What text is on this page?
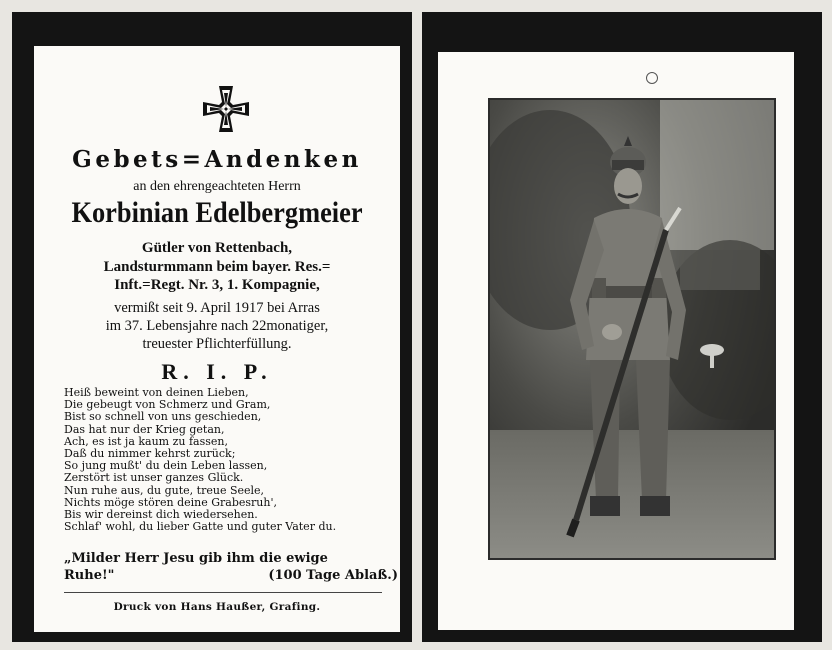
Gebets=Andenken
an den ehrengeachteten Herrn
Korbinian Edelbergmeier
Gütler von Rettenbach,
Landsturmmann beim bayer. Res.=
Inft.=Regt. Nr. 3, 1. Kompagnie,
vermißt seit 9. April 1917 bei Arras
im 37. Lebensjahre nach 22monatiger,
treuester Pflichterfüllung.
R. I. P.
Heiß beweint von deinen Lieben,
Die gebeugt von Schmerz und Gram,
Bist so schnell von uns geschieden,
Das hat nur der Krieg getan,
Ach, es ist ja kaum zu fassen,
Daß du nimmer kehrst zurück;
So jung mußt' du dein Leben lassen,
Zerstört ist unser ganzes Glück.
Nun ruhe aus, du gute, treue Seele,
Nichts möge stören deine Grabesruh',
Bis wir dereinst dich wiedersehen.
Schlaf' wohl, du lieber Gatte und guter Vater du.
„Milder Herr Jesu gib ihm die ewige
Ruhe!"	(100 Tage Ablaß.)
Druck von Hans Haußer, Grafing.
